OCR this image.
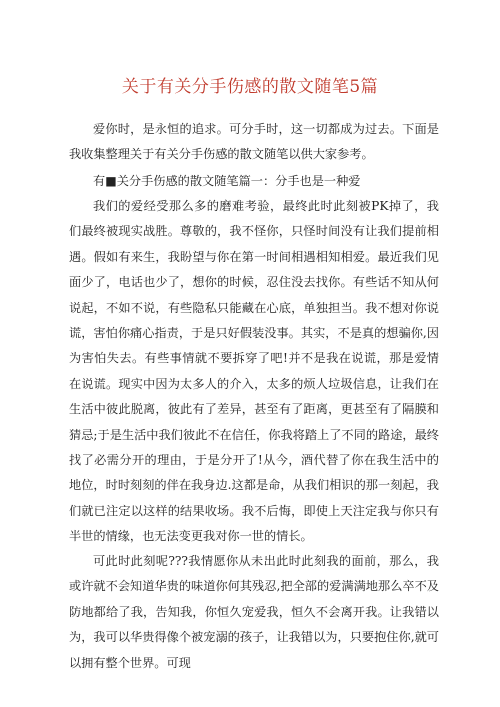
关于有关分手伤感的散文随笔5篇

爱你时，是永恒的追求。可分手时，这一切都成为过去。下面是我收集整理关于有关分手伤感的散文随笔以供大家参考。

有■关分手伤感的散文随笔篇一：分手也是一种爱

我们的爱经受那么多的磨难考验，最终此时此刻被PK掉了，我们最终被现实战胜。尊敬的，我不怪你，只怪时间没有让我们提前相遇。假如有来生，我盼望与你在第一时间相遇相知相爱。最近我们见面少了，电话也少了，想你的时候，忍住没去找你。有些话不知从何说起，不如不说，有些隐私只能藏在心底，单独担当。我不想对你说谎，害怕你痛心指责，于是只好假装没事。其实，不是真的想骗你,因为害怕失去。有些事情就不要拆穿了吧!并不是我在说谎，那是爱情在说谎。现实中因为太多人的介入，太多的烦人垃圾信息，让我们在生活中彼此脱离，彼此有了差异，甚至有了距离，更甚至有了隔膜和猜忌;于是生活中我们彼此不在信任，你我将踏上了不同的路途，最终找了必需分开的理由，于是分开了!从今，酒代替了你在我生活中的地位，时时刻刻的伴在我身边.这都是命，从我们相识的那一刻起，我们就已注定以这样的结果收场。我不后悔，即使上天注定我与你只有半世的情缘，也无法变更我对你一世的情长。

可此时此刻呢???我情愿你从未出此时此刻我的面前，那么，我或许就不会知道华贵的味道你何其残忍,把全部的爱满满地那么卒不及防地都给了我，告知我，你恒久宠爱我，恒久不会离开我。让我错以为，我可以华贵得像个被宠溺的孩子，让我错以为，只要抱住你,就可以拥有整个世界。可现
